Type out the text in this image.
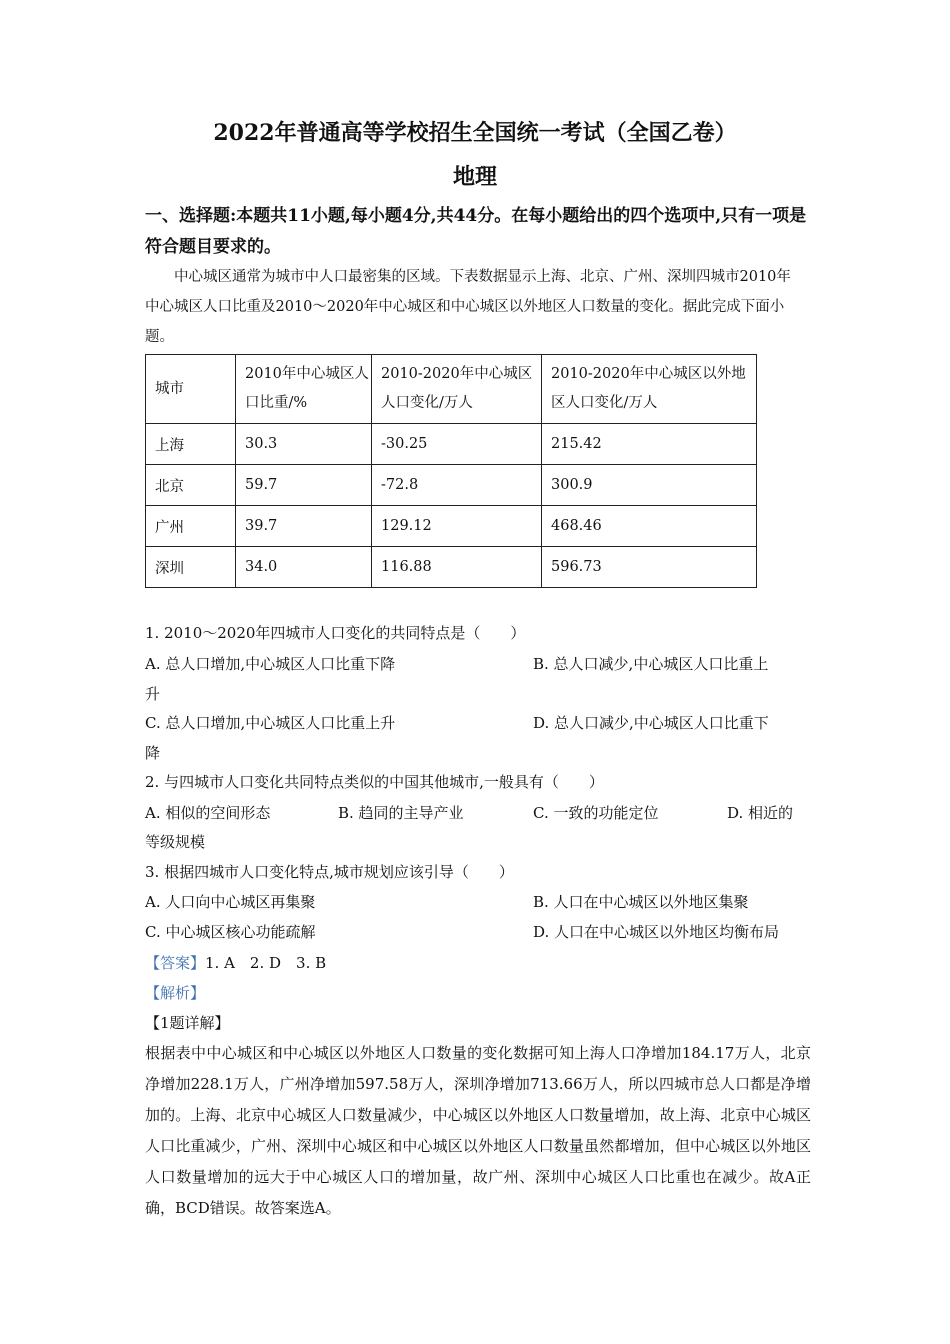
2022年普通高等学校招生全国统一考试（全国乙卷）
地理
一、选择题:本题共11小题,每小题4分,共44分。在每小题给出的四个选项中,只有一项是符合题目要求的。
中心城区通常为城市中人口最密集的区域。下表数据显示上海、北京、广州、深圳四城市2010年中心城区人口比重及2010～2020年中心城区和中心城区以外地区人口数量的变化。据此完成下面小题。
城市	2010年中心城区人口比重/%	2010-2020年中心城区人口变化/万人	2010-2020年中心城区以外地区人口变化/万人
上海	30.3	-30.25	215.42
北京	59.7	-72.8	300.9
广州	39.7	129.12	468.46
深圳	34.0	116.88	596.73
1. 2010～2020年四城市人口变化的共同特点是（　　）
A. 总人口增加,中心城区人口比重下降	B. 总人口减少,中心城区人口比重上
升
C. 总人口增加,中心城区人口比重上升	D. 总人口减少,中心城区人口比重下
降
2. 与四城市人口变化共同特点类似的中国其他城市,一般具有（　　）
A. 相似的空间形态	B. 趋同的主导产业	C. 一致的功能定位	D. 相近的
等级规模
3. 根据四城市人口变化特点,城市规划应该引导（　　）
A. 人口向中心城区再集聚	B. 人口在中心城区以外地区集聚
C. 中心城区核心功能疏解	D. 人口在中心城区以外地区均衡布局
【答案】1. A　2. D　3. B
【解析】
【1题详解】
根据表中中心城区和中心城区以外地区人口数量的变化数据可知上海人口净增加184.17万人，北京净增加228.1万人，广州净增加597.58万人，深圳净增加713.66万人，所以四城市总人口都是净增加的。上海、北京中心城区人口数量减少，中心城区以外地区人口数量增加，故上海、北京中心城区人口比重减少，广州、深圳中心城区和中心城区以外地区人口数量虽然都增加，但中心城区以外地区人口数量增加的远大于中心城区人口的增加量，故广州、深圳中心城区人口比重也在减少。故A正确，BCD错误。故答案选A。
